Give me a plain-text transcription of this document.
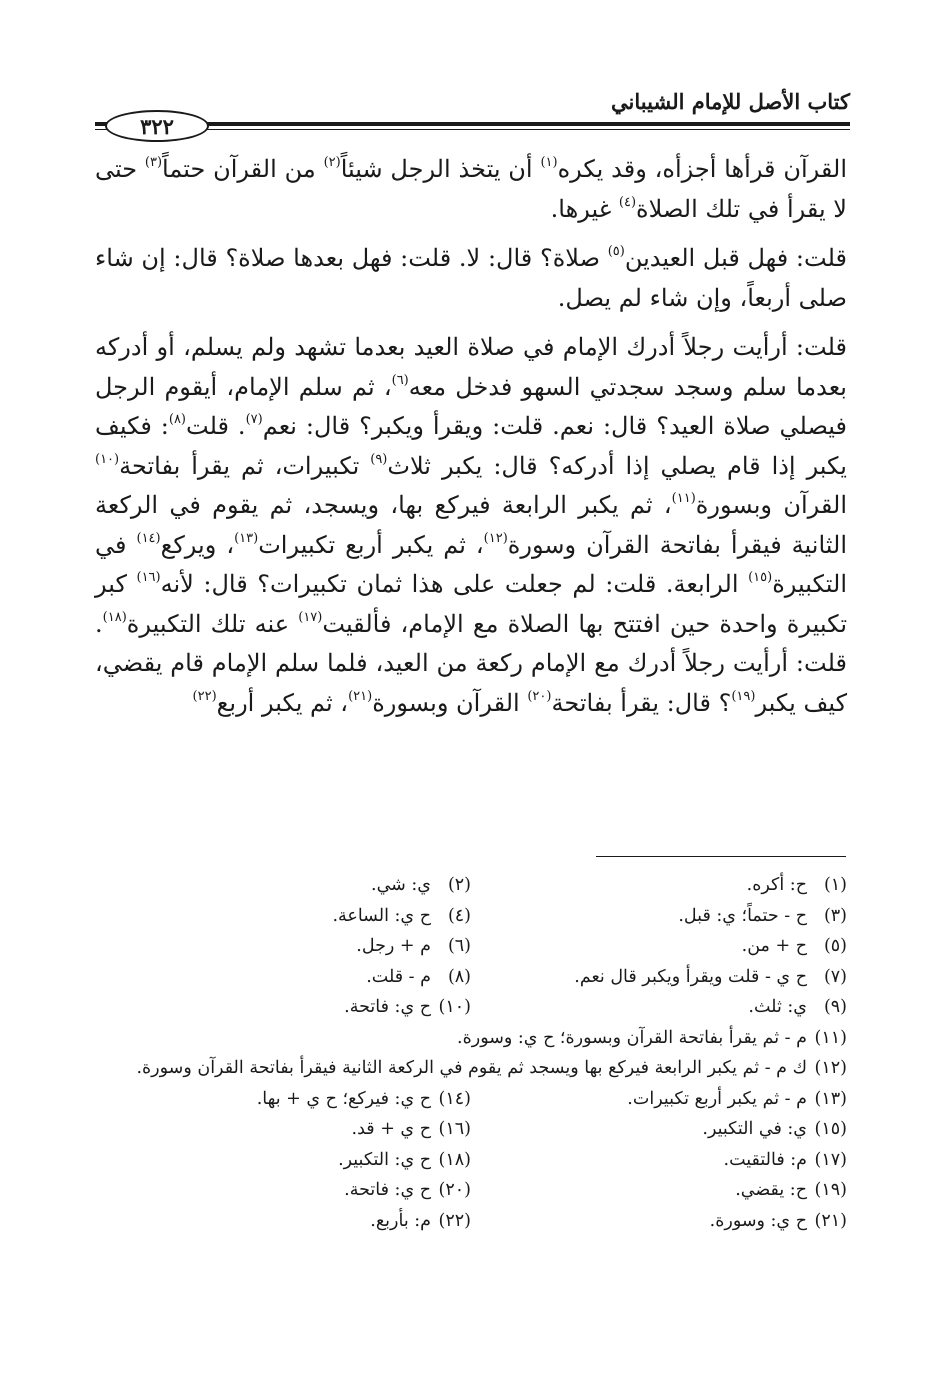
كتاب الأصل للإمام الشيباني
٣٢٢

القرآن قرأها أجزأه، وقد يكره$^{(١)}$ أن يتخذ الرجل شيئاً$^{(٢)}$ من القرآن حتماً$^{(٣)}$ حتى لا يقرأ في تلك الصلاة$^{(٤)}$ غيرها.

قلت: فهل قبل العيدين$^{(٥)}$ صلاة؟ قال: لا. قلت: فهل بعدها صلاة؟ قال: إن شاء صلى أربعاً، وإن شاء لم يصل.

قلت: أرأيت رجلاً أدرك الإمام في صلاة العيد بعدما تشهد ولم يسلم، أو أدركه بعدما سلم وسجد سجدتي السهو فدخل معه$^{(٦)}$، ثم سلم الإمام، أيقوم الرجل فيصلي صلاة العيد؟ قال: نعم. قلت: ويقرأ ويكبر؟ قال: نعم$^{(٧)}$. قلت$^{(٨)}$: فكيف يكبر إذا قام يصلي إذا أدركه؟ قال: يكبر ثلاث$^{(٩)}$ تكبيرات، ثم يقرأ بفاتحة$^{(١٠)}$ القرآن وبسورة$^{(١١)}$، ثم يكبر الرابعة فيركع بها، ويسجد، ثم يقوم في الركعة الثانية فيقرأ بفاتحة القرآن وسورة$^{(١٢)}$، ثم يكبر أربع تكبيرات$^{(١٣)}$، ويركع$^{(١٤)}$ في التكبيرة$^{(١٥)}$ الرابعة. قلت: لم جعلت على هذا ثمان تكبيرات؟ قال: لأنه$^{(١٦)}$ كبر تكبيرة واحدة حين افتتح بها الصلاة مع الإمام، فألقيت$^{(١٧)}$ عنه تلك التكبيرة$^{(١٨)}$. قلت: أرأيت رجلاً أدرك مع الإمام ركعة من العيد، فلما سلم الإمام قام يقضي، كيف يكبر$^{(١٩)}$؟ قال: يقرأ بفاتحة$^{(٢٠)}$ القرآن وبسورة$^{(٢١)}$، ثم يكبر أربع$^{(٢٢)}$

(١)ح: أكره.
(٢)ي: شي.
(٣)ح - حتماً؛ ي: قبل.
(٤)ح ي: الساعة.
(٥)ح + من.
(٦)م + رجل.
(٧)ح ي - قلت ويقرأ ويكبر قال نعم.
(٨)م - قلت.
(٩)ي: ثلث.
(١٠)ح ي: فاتحة.
(١١)م - ثم يقرأ بفاتحة القرآن وبسورة؛ ح ي: وسورة.
(١٢)ك م - ثم يكبر الرابعة فيركع بها ويسجد ثم يقوم في الركعة الثانية فيقرأ بفاتحة القرآن وسورة.
(١٣)م - ثم يكبر أربع تكبيرات.
(١٤)ح ي: فيركع؛ ح ي + بها.
(١٥)ي: في التكبير.
(١٦)ح ي + قد.
(١٧)م: فالتقيت.
(١٨)ح ي: التكبير.
(١٩)ح: يقضي.
(٢٠)ح ي: فاتحة.
(٢١)ح ي: وسورة.
(٢٢)م: بأربع.
